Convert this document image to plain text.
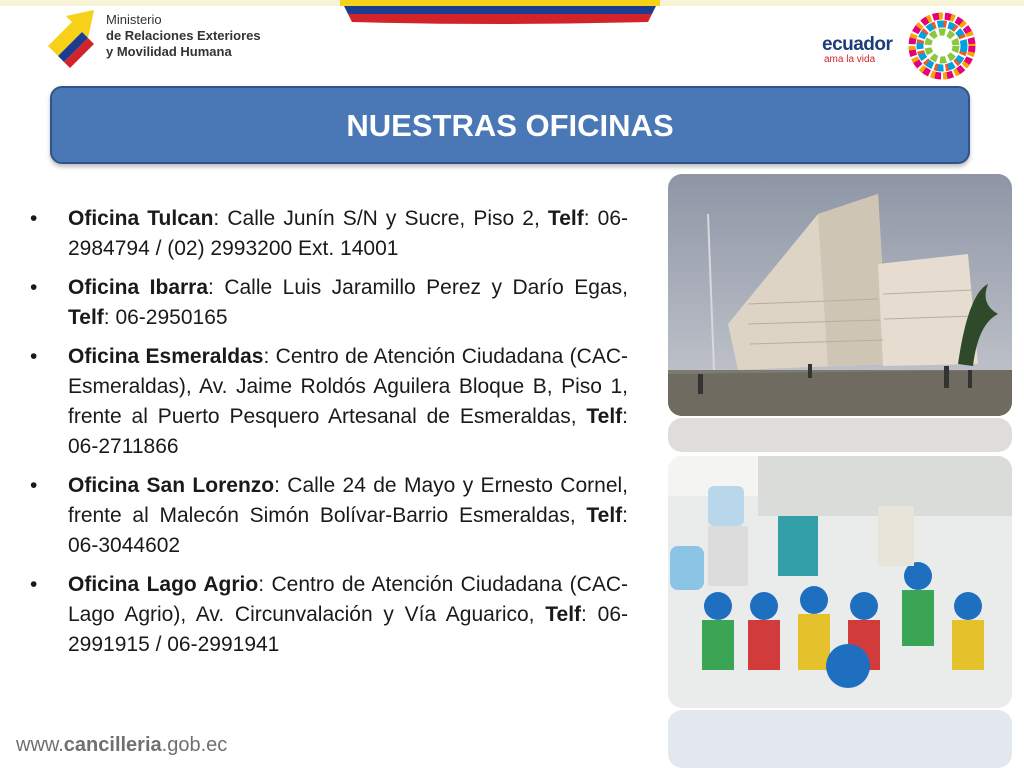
Ministerio
de Relaciones Exteriores
y Movilidad Humana	ecuador
ama la vida
NUESTRAS OFICINAS
• Oficina Tulcan: Calle Junín S/N y Sucre, Piso 2, Telf: 06-2984794 / (02) 2993200 Ext. 14001
• Oficina Ibarra: Calle Luis Jaramillo Perez y Darío Egas, Telf: 06-2950165
• Oficina Esmeraldas: Centro de Atención Ciudadana (CAC-Esmeraldas), Av. Jaime Roldós Aguilera Bloque B, Piso 1, frente al Puerto Pesquero Artesanal de Esmeraldas, Telf: 06-2711866
• Oficina San Lorenzo: Calle 24 de Mayo y Ernesto Cornel, frente al Malecón Simón Bolívar-Barrio Esmeraldas, Telf: 06-3044602
• Oficina Lago Agrio: Centro de Atención Ciudadana (CAC-Lago Agrio), Av. Circunvalación y Vía Aguarico, Telf: 06-2991915 / 06-2991941
www.cancilleria.gob.ec
